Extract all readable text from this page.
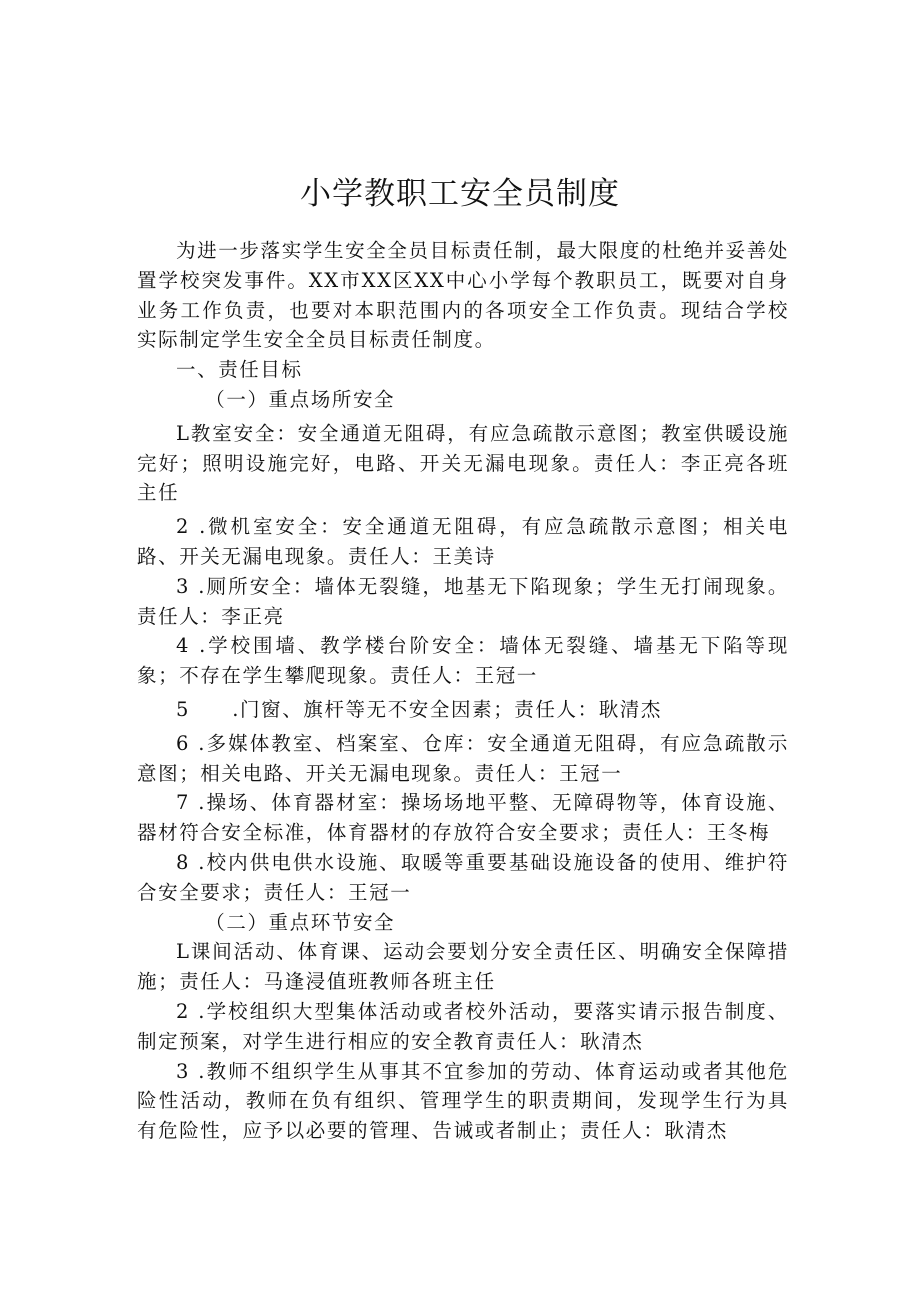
小学教职工安全员制度

为进一步落实学生安全全员目标责任制，最大限度的杜绝并妥善处置学校突发事件。XX市XX区XX中心小学每个教职员工，既要对自身业务工作负责，也要对本职范围内的各项安全工作负责。现结合学校实际制定学生安全全员目标责任制度。

一、责任目标

（一）重点场所安全

L教室安全：安全通道无阻碍，有应急疏散示意图；教室供暖设施完好；照明设施完好，电路、开关无漏电现象。责任人：李正亮各班主任

2 .微机室安全：安全通道无阻碍，有应急疏散示意图；相关电路、开关无漏电现象。责任人：王美诗

3 .厕所安全：墙体无裂缝，地基无下陷现象；学生无打闹现象。责任人：李正亮

4 .学校围墙、教学楼台阶安全：墙体无裂缝、墙基无下陷等现象；不存在学生攀爬现象。责任人：王冠一

5　　.门窗、旗杆等无不安全因素；责任人：耿清杰

6 .多媒体教室、档案室、仓库：安全通道无阻碍，有应急疏散示意图；相关电路、开关无漏电现象。责任人：王冠一

7 .操场、体育器材室：操场场地平整、无障碍物等，体育设施、器材符合安全标准，体育器材的存放符合安全要求；责任人：王冬梅

8 .校内供电供水设施、取暖等重要基础设施设备的使用、维护符合安全要求；责任人：王冠一

（二）重点环节安全

L课间活动、体育课、运动会要划分安全责任区、明确安全保障措施；责任人：马逢浸值班教师各班主任

2 .学校组织大型集体活动或者校外活动，要落实请示报告制度、制定预案，对学生进行相应的安全教育责任人：耿清杰

3 .教师不组织学生从事其不宜参加的劳动、体育运动或者其他危险性活动，教师在负有组织、管理学生的职责期间，发现学生行为具有危险性，应予以必要的管理、告诫或者制止；责任人：耿清杰
